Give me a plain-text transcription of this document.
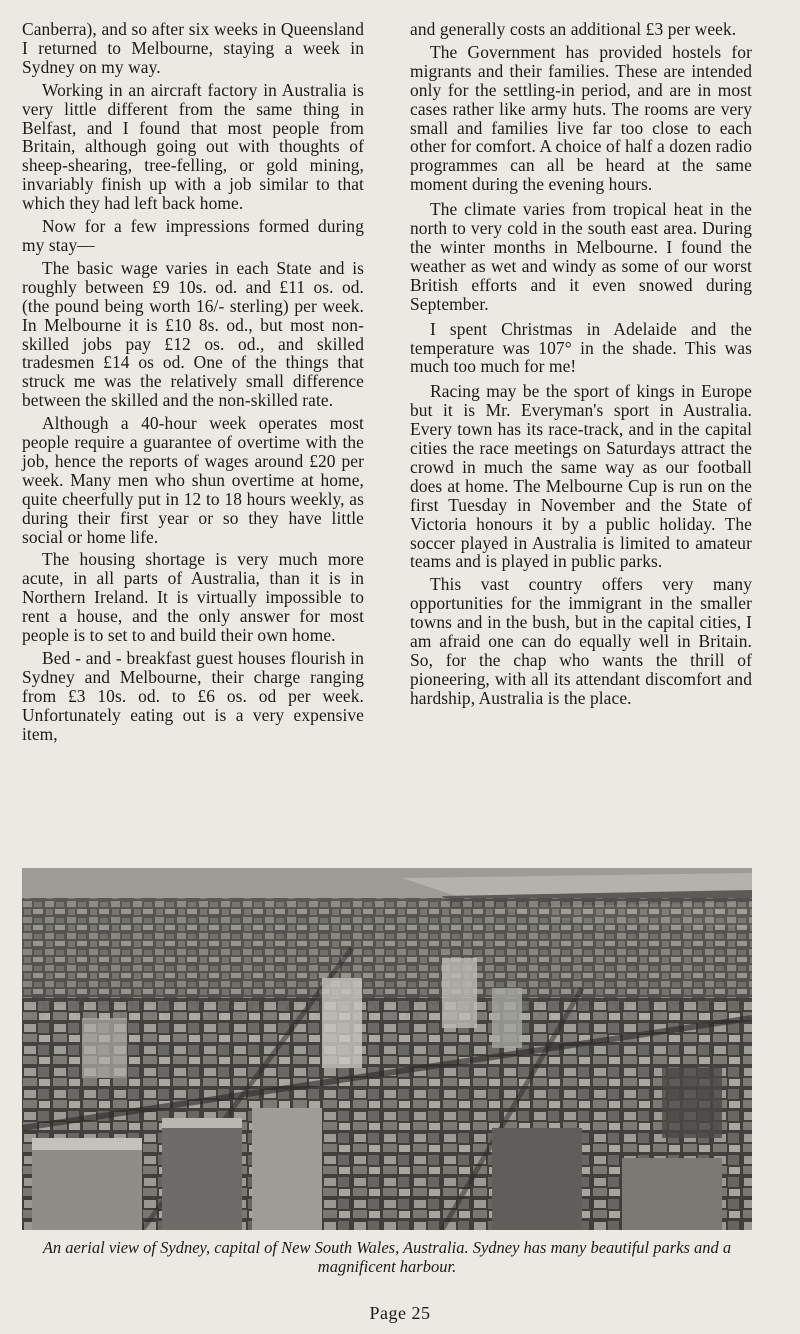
Canberra), and so after six weeks in Queensland I returned to Melbourne, staying a week in Sydney on my way.

Working in an aircraft factory in Australia is very little different from the same thing in Belfast, and I found that most people from Britain, although going out with thoughts of sheep-shearing, tree-felling, or gold mining, invariably finish up with a job similar to that which they had left back home.

Now for a few impressions formed during my stay—

The basic wage varies in each State and is roughly between £9 10s. od. and £11 os. od. (the pound being worth 16/- sterling) per week. In Melbourne it is £10 8s. od., but most non-skilled jobs pay £12 os. od., and skilled tradesmen £14 os od. One of the things that struck me was the relatively small difference between the skilled and the non-skilled rate.

Although a 40-hour week operates most people require a guarantee of overtime with the job, hence the reports of wages around £20 per week. Many men who shun overtime at home, quite cheerfully put in 12 to 18 hours weekly, as during their first year or so they have little social or home life.

The housing shortage is very much more acute, in all parts of Australia, than it is in Northern Ireland. It is virtually impossible to rent a house, and the only answer for most people is to set to and build their own home.

Bed - and - breakfast guest houses flourish in Sydney and Melbourne, their charge ranging from £3 10s. od. to £6 os. od per week. Unfortunately eating out is a very expensive item,

and generally costs an additional £3 per week.

The Government has provided hostels for migrants and their families. These are intended only for the settling-in period, and are in most cases rather like army huts. The rooms are very small and families live far too close to each other for comfort. A choice of half a dozen radio programmes can all be heard at the same moment during the evening hours.

The climate varies from tropical heat in the north to very cold in the south east area. During the winter months in Melbourne. I found the weather as wet and windy as some of our worst British efforts and it even snowed during September.

I spent Christmas in Adelaide and the temperature was 107° in the shade. This was much too much for me!

Racing may be the sport of kings in Europe but it is Mr. Everyman's sport in Australia. Every town has its race-track, and in the capital cities the race meetings on Saturdays attract the crowd in much the same way as our football does at home. The Melbourne Cup is run on the first Tuesday in November and the State of Victoria honours it by a public holiday. The soccer played in Australia is limited to amateur teams and is played in public parks.

This vast country offers very many opportunities for the immigrant in the smaller towns and in the bush, but in the capital cities, I am afraid one can do equally well in Britain. So, for the chap who wants the thrill of pioneering, with all its attendant discomfort and hardship, Australia is the place.

An aerial view of Sydney, capital of New South Wales, Australia. Sydney has many beautiful parks and a magnificent harbour.
Page 25
